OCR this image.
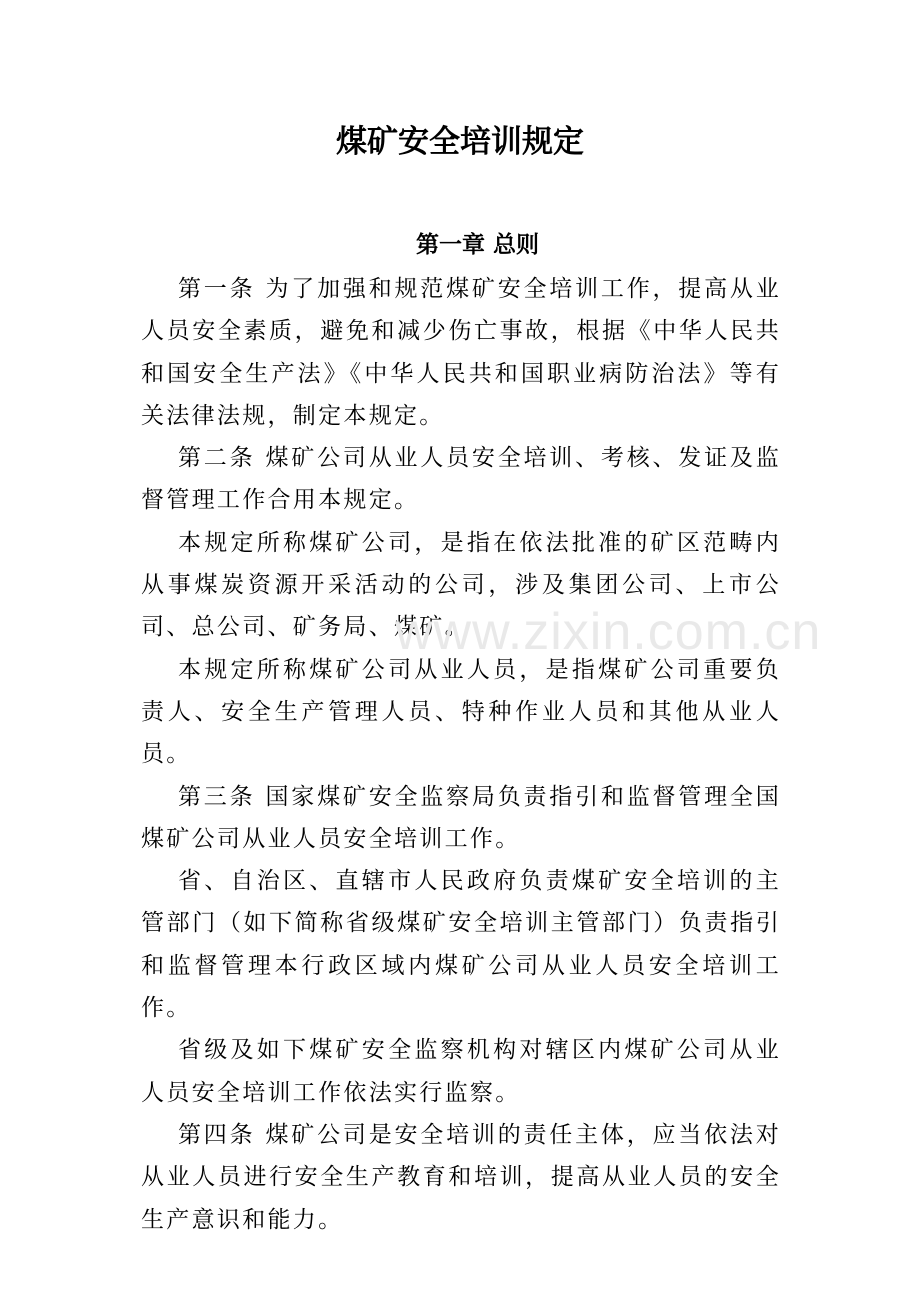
煤矿安全培训规定
第一章 总则

第一条 为了加强和规范煤矿安全培训工作，提高从业人员安全素质，避免和减少伤亡事故，根据《中华人民共和国安全生产法》《中华人民共和国职业病防治法》等有关法律法规，制定本规定。

第二条 煤矿公司从业人员安全培训、考核、发证及监督管理工作合用本规定。

本规定所称煤矿公司，是指在依法批准的矿区范畴内从事煤炭资源开采活动的公司，涉及集团公司、上市公司、总公司、矿务局、煤矿。

本规定所称煤矿公司从业人员，是指煤矿公司重要负责人、安全生产管理人员、特种作业人员和其他从业人员。

第三条 国家煤矿安全监察局负责指引和监督管理全国煤矿公司从业人员安全培训工作。

省、自治区、直辖市人民政府负责煤矿安全培训的主管部门（如下简称省级煤矿安全培训主管部门）负责指引和监督管理本行政区域内煤矿公司从业人员安全培训工作。

省级及如下煤矿安全监察机构对辖区内煤矿公司从业人员安全培训工作依法实行监察。

第四条 煤矿公司是安全培训的责任主体，应当依法对从业人员进行安全生产教育和培训，提高从业人员的安全生产意识和能力。

www.zixin.com.cn
